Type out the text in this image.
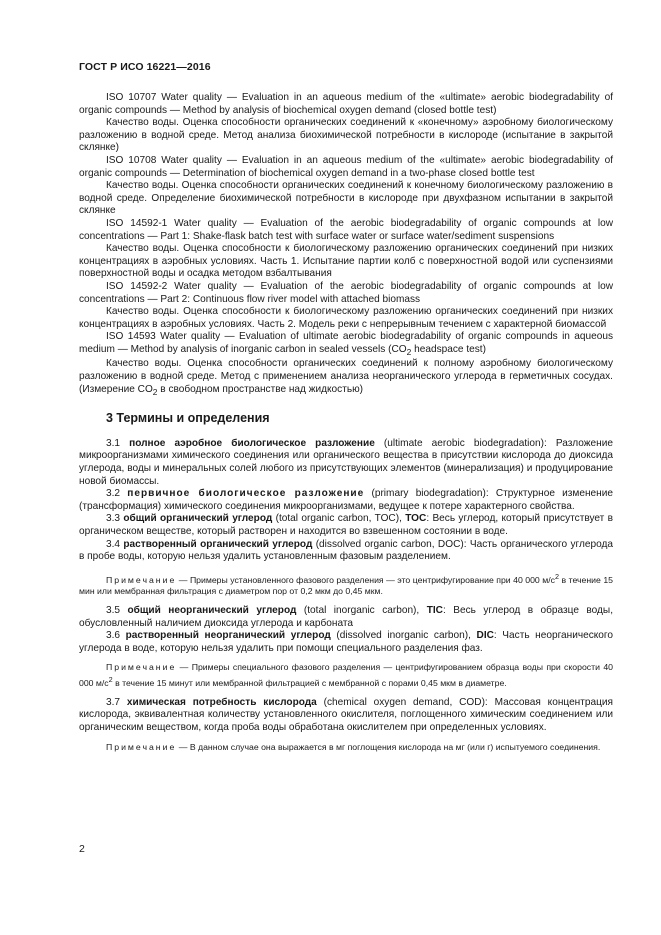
ГОСТ Р ИСО 16221—2016

ISO 10707 Water quality — Evaluation in an aqueous medium of the «ultimate» aerobic biodegradability of organic compounds — Method by analysis of biochemical oxygen demand (closed bottle test)

Качество воды. Оценка способности органических соединений к «конечному» аэробному биологическому разложению в водной среде. Метод анализа биохимической потребности в кислороде (испытание в закрытой склянке)

ISO 10708 Water quality — Evaluation in an aqueous medium of the «ultimate» aerobic biodegradability of organic compounds — Determination of biochemical oxygen demand in a two-phase closed bottle test

Качество воды. Оценка способности органических соединений к конечному биологическому разложению в водной среде. Определение биохимической потребности в кислороде при двухфазном испытании в закрытой склянке

ISO 14592-1 Water quality — Evaluation of the aerobic biodegradability of organic compounds at low concentrations — Part 1: Shake-flask batch test with surface water or surface water/sediment suspensions

Качество воды. Оценка способности к биологическому разложению органических соединений при низких концентрациях в аэробных условиях. Часть 1. Испытание партии колб с поверхностной водой или суспензиями поверхностной воды и осадка методом взбалтывания

ISO 14592-2 Water quality — Evaluation of the aerobic biodegradability of organic compounds at low concentrations — Part 2: Continuous flow river model with attached biomass

Качество воды. Оценка способности к биологическому разложению органических соединений при низких концентрациях в аэробных условиях. Часть 2. Модель реки с непрерывным течением с характерной биомассой

ISO 14593 Water quality — Evaluation of ultimate aerobic biodegradability of organic compounds in aqueous medium — Method by analysis of inorganic carbon in sealed vessels ($CO_2$ headspace test)

Качество воды. Оценка способности органических соединений к полному аэробному биологическому разложению в водной среде. Метод с применением анализа неорганического углерода в герметичных сосудах. (Измерение $CO_2$ в свободном пространстве над жидкостью)

3 Термины и определения

3.1 полное аэробное биологическое разложение (ultimate aerobic biodegradation): Разложение микроорганизмами химического соединения или органического вещества в присутствии кислорода до диоксида углерода, воды и минеральных солей любого из присутствующих элементов (минерализация) и продуцирование новой биомассы.

3.2 первичное биологическое разложение (primary biodegradation): Структурное изменение (трансформация) химического соединения микроорганизмами, ведущее к потере характерного свойства.

3.3 общий органический углерод (total organic carbon, TOC), TOC: Весь углерод, который присутствует в органическом веществе, который растворен и находится во взвешенном состоянии в воде.

3.4 растворенный органический углерод (dissolved organic carbon, DOC): Часть органического углерода в пробе воды, которую нельзя удалить установленным фазовым разделением.

Примечание — Примеры установленного фазового разделения — это центрифугирование при 40 000 $м/с^2$ в течение 15 мин или мембранная фильтрация с диаметром пор от 0,2 мкм до 0,45 мкм.

3.5 общий неорганический углерод (total inorganic carbon), TIC: Весь углерод в образце воды, обусловленный наличием диоксида углерода и карбоната

3.6 растворенный неорганический углерод (dissolved inorganic carbon), DIC: Часть неорганического углерода в воде, которую нельзя удалить при помощи специального разделения фаз.

Примечание — Примеры специального фазового разделения — центрифугированием образца воды при скорости 40 000 $м/с^2$ в течение 15 минут или мембранной фильтрацией с мембранной с порами 0,45 мкм в диаметре.

3.7 химическая потребность кислорода (chemical oxygen demand, COD): Массовая концентрация кислорода, эквивалентная количеству установленного окислителя, поглощенного химическим соединением или органическим веществом, когда проба воды обработана окислителем при определенных условиях.

Примечание — В данном случае она выражается в мг поглощения кислорода на мг (или г) испытуемого соединения.

2
